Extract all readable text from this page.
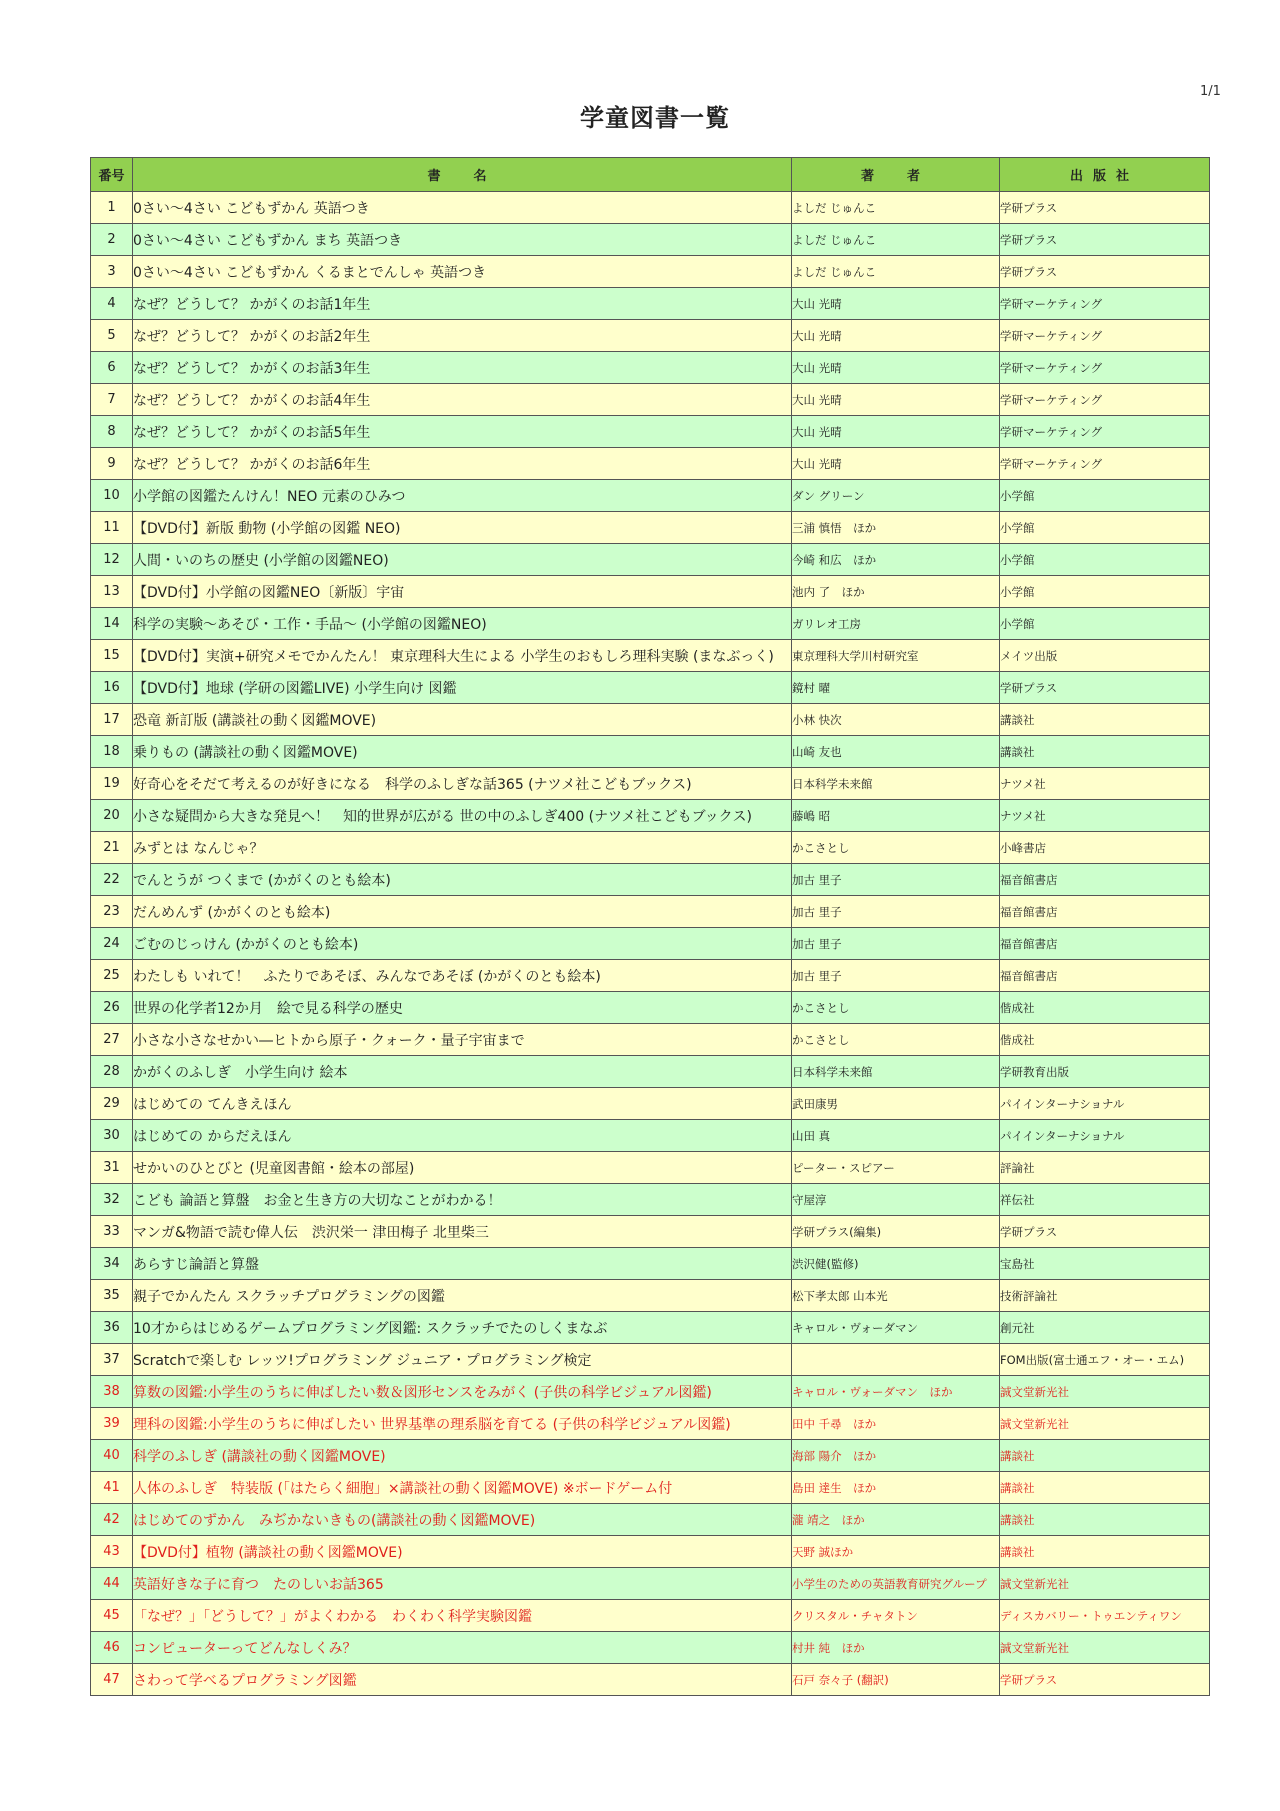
1/1
学童図書一覧
番号	書　名	著　者	出版社
1	0さい～4さい こどもずかん 英語つき	よしだ じゅんこ	学研プラス
2	0さい～4さい こどもずかん まち 英語つき	よしだ じゅんこ	学研プラス
3	0さい～4さい こどもずかん くるまとでんしゃ 英語つき	よしだ じゅんこ	学研プラス
4	なぜ？どうして？ かがくのお話1年生	大山 光晴	学研マーケティング
5	なぜ？どうして？ かがくのお話2年生	大山 光晴	学研マーケティング
6	なぜ？どうして？ かがくのお話3年生	大山 光晴	学研マーケティング
7	なぜ？どうして？ かがくのお話4年生	大山 光晴	学研マーケティング
8	なぜ？どうして？ かがくのお話5年生	大山 光晴	学研マーケティング
9	なぜ？どうして？ かがくのお話6年生	大山 光晴	学研マーケティング
10	小学館の図鑑たんけん！NEO 元素のひみつ	ダン グリーン	小学館
11	【DVD付】新版 動物 (小学館の図鑑 NEO)	三浦 慎悟　ほか	小学館
12	人間・いのちの歴史 (小学館の図鑑NEO)	今崎 和広　ほか	小学館
13	【DVD付】小学館の図鑑NEO〔新版〕宇宙	池内 了　ほか	小学館
14	科学の実験～あそび・工作・手品～ (小学館の図鑑NEO)	ガリレオ工房	小学館
15	【DVD付】実演+研究メモでかんたん！ 東京理科大生による 小学生のおもしろ理科実験 (まなぶっく)	東京理科大学川村研究室	メイツ出版
16	【DVD付】地球 (学研の図鑑LIVE) 小学生向け 図鑑	鏡村 曜	学研プラス
17	恐竜 新訂版 (講談社の動く図鑑MOVE)	小林 快次	講談社
18	乗りもの (講談社の動く図鑑MOVE)	山崎 友也	講談社
19	好奇心をそだて考えるのが好きになる　科学のふしぎな話365 (ナツメ社こどもブックス)	日本科学未来館	ナツメ社
20	小さな疑問から大きな発見へ！　知的世界が広がる 世の中のふしぎ400 (ナツメ社こどもブックス)	藤嶋 昭	ナツメ社
21	みずとは なんじゃ？	かこさとし	小峰書店
22	でんとうが つくまで (かがくのとも絵本)	加古 里子	福音館書店
23	だんめんず (かがくのとも絵本)	加古 里子	福音館書店
24	ごむのじっけん (かがくのとも絵本)	加古 里子	福音館書店
25	わたしも いれて！　ふたりであそぼ、みんなであそぼ (かがくのとも絵本)	加古 里子	福音館書店
26	世界の化学者12か月　絵で見る科学の歴史	かこさとし	偕成社
27	小さな小さなせかい―ヒトから原子・クォーク・量子宇宙まで	かこさとし	偕成社
28	かがくのふしぎ　小学生向け 絵本	日本科学未来館	学研教育出版
29	はじめての てんきえほん	武田康男	パイインターナショナル
30	はじめての からだえほん	山田 真	パイインターナショナル
31	せかいのひとびと (児童図書館・絵本の部屋)	ピーター・スピアー	評論社
32	こども 論語と算盤　お金と生き方の大切なことがわかる！	守屋淳	祥伝社
33	マンガ&物語で読む偉人伝　渋沢栄一 津田梅子 北里柴三	学研プラス(編集)	学研プラス
34	あらすじ論語と算盤	渋沢健(監修)	宝島社
35	親子でかんたん スクラッチプログラミングの図鑑	松下孝太郎 山本光	技術評論社
36	10才からはじめるゲームプログラミング図鑑: スクラッチでたのしくまなぶ	キャロル・ヴォーダマン	創元社
37	Scratchで楽しむ レッツ!プログラミング ジュニア・プログラミング検定		FOM出版(富士通エフ・オー・エム)
38	算数の図鑑:小学生のうちに伸ばしたい数＆図形センスをみがく (子供の科学ビジュアル図鑑)	キャロル・ヴォーダマン　ほか	誠文堂新光社
39	理科の図鑑:小学生のうちに伸ばしたい 世界基準の理系脳を育てる (子供の科学ビジュアル図鑑)	田中 千尋　ほか	誠文堂新光社
40	科学のふしぎ (講談社の動く図鑑MOVE)	海部 陽介　ほか	講談社
41	人体のふしぎ　特装版 (「はたらく細胞」×講談社の動く図鑑MOVE) ※ボードゲーム付	島田 達生　ほか	講談社
42	はじめてのずかん　みぢかないきもの(講談社の動く図鑑MOVE)	瀧 靖之　ほか	講談社
43	【DVD付】植物 (講談社の動く図鑑MOVE)	天野 誠ほか	講談社
44	英語好きな子に育つ　たのしいお話365	小学生のための英語教育研究グループ	誠文堂新光社
45	「なぜ？」「どうして？」がよくわかる　わくわく科学実験図鑑	クリスタル・チャタトン	ディスカバリー・トゥエンティワン
46	コンピューターってどんなしくみ？	村井 純　ほか	誠文堂新光社
47	さわって学べるプログラミング図鑑	石戸 奈々子 (翻訳)	学研プラス
